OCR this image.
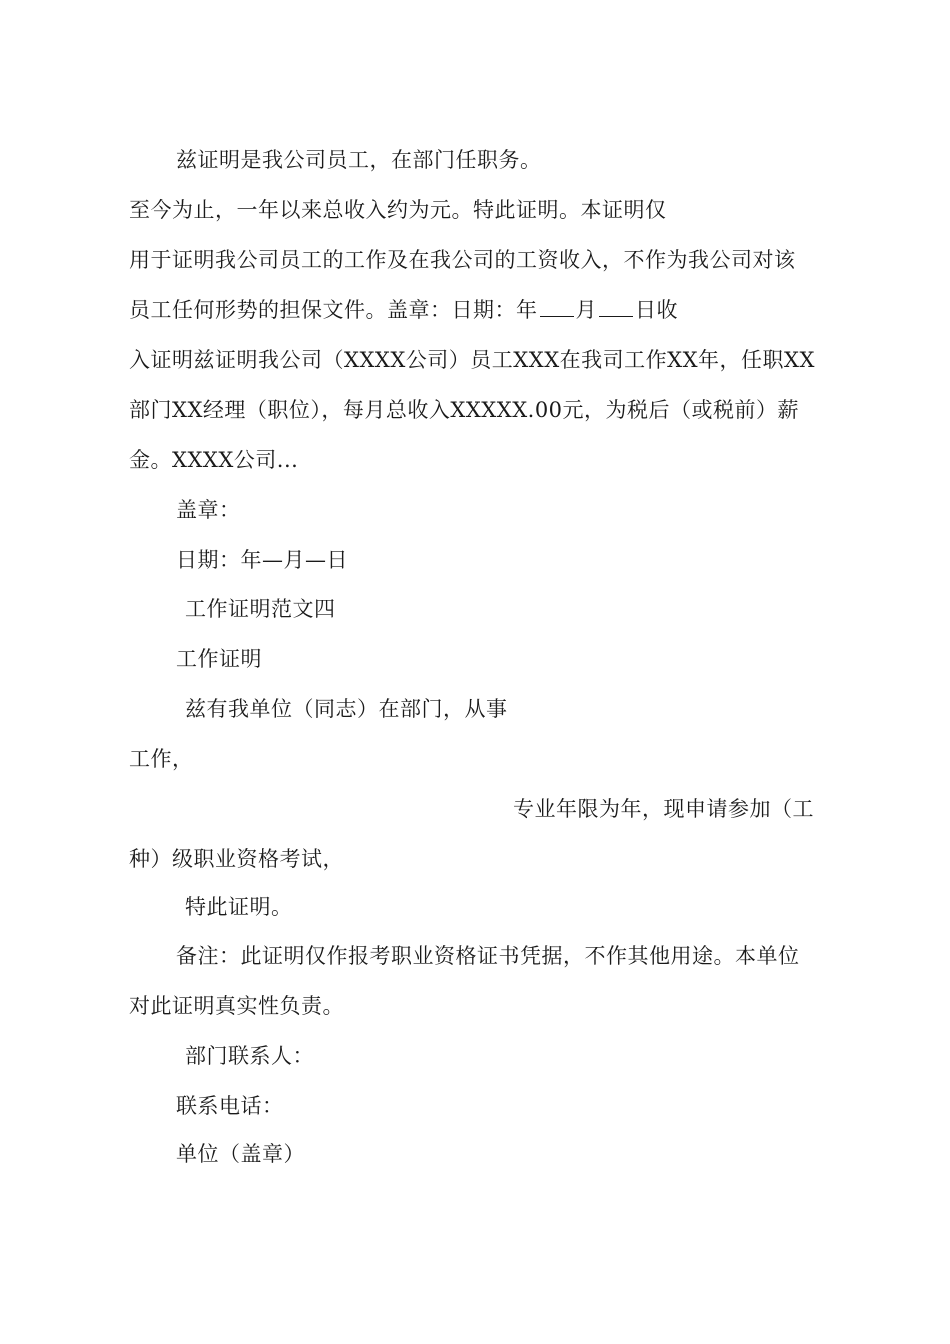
兹证明是我公司员工，在部门任职务。
至今为止，一年以来总收入约为元。特此证明。本证明仅
用于证明我公司员工的工作及在我公司的工资收入，不作为我公司对该
员工任何形势的担保文件。盖章：日期：年 月 日收
入证明兹证明我公司（XXXX公司）员工XXX在我司工作XX年，任职XX
部门XX经理（职位），每月总收入XXXXX.00元，为税后（或税前）薪
金。XXXX公司...
盖章：
日期：年—月—日
工作证明范文四
工作证明
兹有我单位（同志）在部门，从事
工作，
专业年限为年，现申请参加（工
种）级职业资格考试，
特此证明。
备注：此证明仅作报考职业资格证书凭据，不作其他用途。本单位
对此证明真实性负责。
部门联系人：
联系电话：
单位（盖章）
